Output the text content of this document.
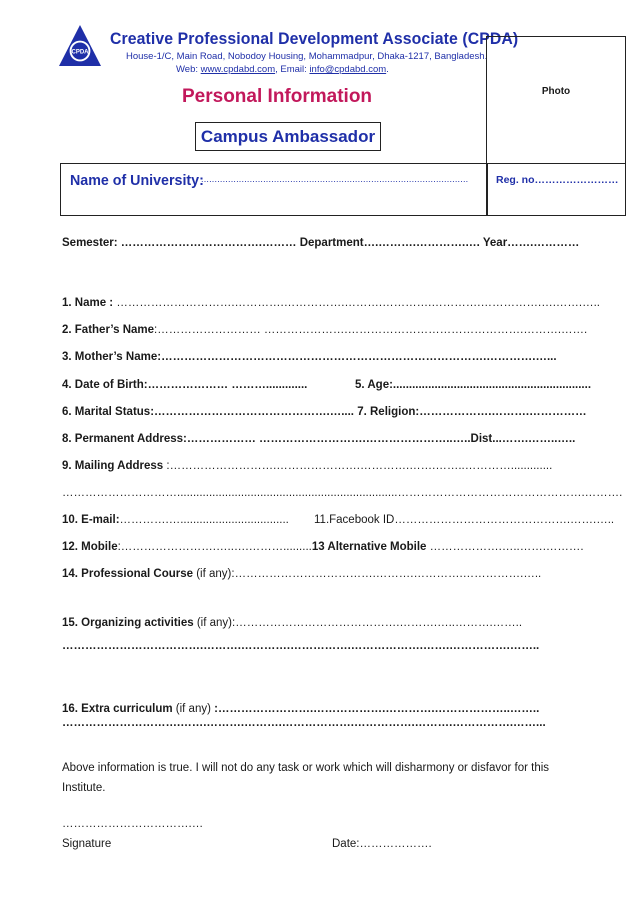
CPDA
Creative Professional Development Associate (CPDA)
House-1/C, Main Road, Nobodoy Housing, Mohammadpur, Dhaka-1217, Bangladesh.
Web: www.cpdabd.com, Email: info@cpdabd.com.
Personal Information	Photo
Campus Ambassador
Name of University:
...................................................................................................	Reg. no……………………
Semester: ……………………………….……… Department….……….………….…. Year…….…………
1. Name : ………………………….………….…………….……….………….………….…………….….…….…..
2. Father’s Name:……………………… ………………….……………………………………….……….…….
3. Mother’s Name:………………………………………………………………………….………….…...
4. Date of Birth:………………… ……….............	5. Age:..............................................................
6. Marital Status:……………………………………….….... 7. Religion:……………….……….……………
8. Permanent Address:……………… ……………………….…………………..…..Dist...…….……..…..
9. Mailing Address :……………………….………………….………….…….……..………….............
………………………….....................................................................………………………………………….……….
10. E-mail:………….….................................. 11.Facebook ID……………………………………….…….…..
12. Mobile:…………………….…..….……….........13 Alternative Mobile ……………….…..…….……….
14. Professional Course (if any):……………………………….……….………….…………….…..
15. Organizing activities (if any):…………………………………….……….…..……….……..
……………………………….……….………….…………….……………….…….…………….……..
16. Extra curriculum (if any) :…………………….……………….………….………………..……..
………………………….…….……….……….……………….…………….……….…………….……...
Above information is true. I will not do any task or work which will disharmony or disfavor for this Institute.
…………………………….…
Signature	Date:……………….
